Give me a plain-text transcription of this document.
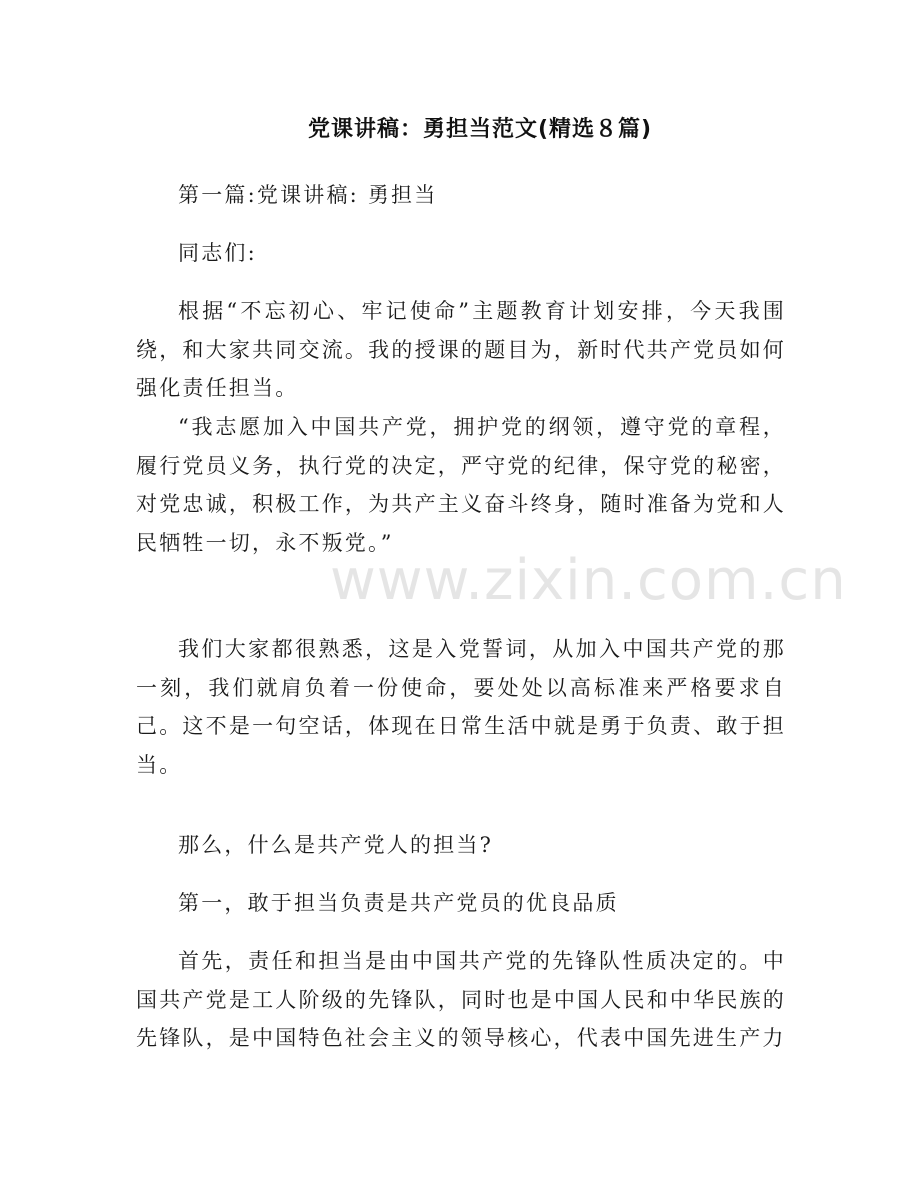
党课讲稿：勇担当范文(精选８篇)

第一篇:党课讲稿: 勇担当

同志们:

根据“不忘初心、牢记使命”主题教育计划安排，今天我围绕，和大家共同交流。我的授课的题目为，新时代共产党员如何强化责任担当。

“我志愿加入中国共产党，拥护党的纲领，遵守党的章程，履行党员义务，执行党的决定，严守党的纪律，保守党的秘密，对党忠诚，积极工作，为共产主义奋斗终身，随时准备为党和人民牺牲一切，永不叛党。”

我们大家都很熟悉，这是入党誓词，从加入中国共产党的那一刻，我们就肩负着一份使命，要处处以高标准来严格要求自己。这不是一句空话，体现在日常生活中就是勇于负责、敢于担当。

那么，什么是共产党人的担当?

第一，敢于担当负责是共产党员的优良品质

首先，责任和担当是由中国共产党的先锋队性质决定的。中国共产党是工人阶级的先锋队，同时也是中国人民和中华民族的先锋队，是中国特色社会主义的领导核心，代表中国先进生产力

www.zixin.com.cn
